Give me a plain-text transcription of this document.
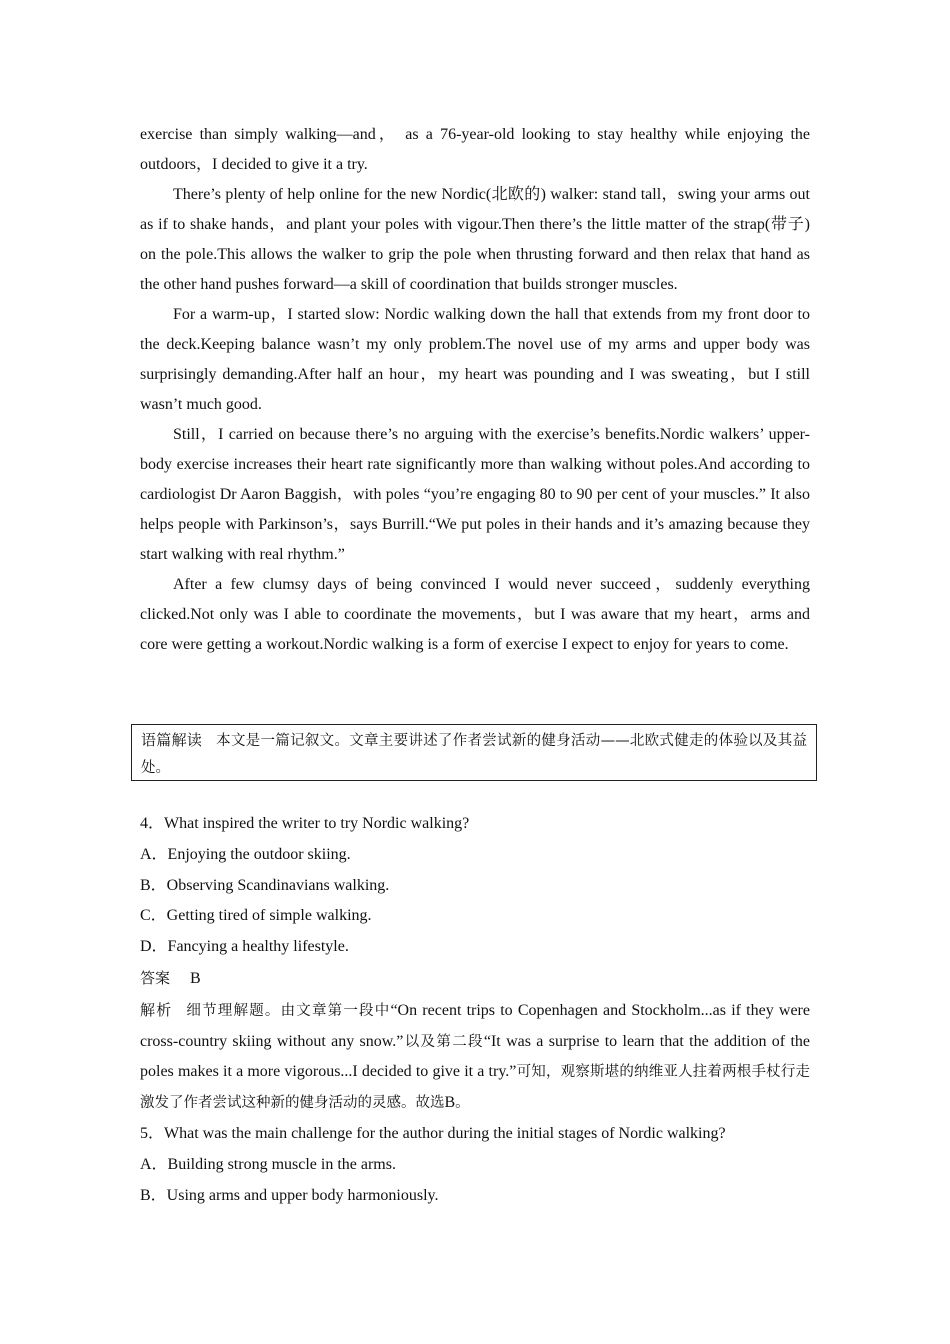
exercise than simply walking—and， as a 76-year-old looking to stay healthy while enjoying the outdoors，I decided to give it a try.

There’s plenty of help online for the new Nordic(北欧的) walker: stand tall，swing your arms out as if to shake hands，and plant your poles with vigour.Then there’s the little matter of the strap(带子) on the pole.This allows the walker to grip the pole when thrusting forward and then relax that hand as the other hand pushes forward—a skill of coordination that builds stronger muscles.

For a warm-up，I started slow: Nordic walking down the hall that extends from my front door to the deck.Keeping balance wasn’t my only problem.The novel use of my arms and upper body was surprisingly demanding.After half an hour，my heart was pounding and I was sweating，but I still wasn’t much good.

Still，I carried on because there’s no arguing with the exercise’s benefits.Nordic walkers’ upper-body exercise increases their heart rate significantly more than walking without poles.And according to cardiologist Dr Aaron Baggish，with poles “you’re engaging 80 to 90 per cent of your muscles.” It also helps people with Parkinson’s，says Burrill.“We put poles in their hands and it’s amazing because they start walking with real rhythm.”

After a few clumsy days of being convinced I would never succeed，suddenly everything clicked.Not only was I able to coordinate the movements，but I was aware that my heart，arms and core were getting a workout.Nordic walking is a form of exercise I expect to enjoy for years to come.

语篇解读 本文是一篇记叙文。文章主要讲述了作者尝试新的健身活动——北欧式健走的体验以及其益处。

4．What inspired the writer to try Nordic walking?

A．Enjoying the outdoor skiing.

B．Observing Scandinavians walking.

C．Getting tired of simple walking.

D．Fancying a healthy lifestyle.

答案 B

解析 细节理解题。由文章第一段中“On recent trips to Copenhagen and Stockholm...as if they were cross-country skiing without any snow.”以及第二段“It was a surprise to learn that the addition of the poles makes it a more vigorous...I decided to give it a try.”可知，观察斯堪的纳维亚人拄着两根手杖行走激发了作者尝试这种新的健身活动的灵感。故选B。

5．What was the main challenge for the author during the initial stages of Nordic walking?

A．Building strong muscle in the arms.

B．Using arms and upper body harmoniously.
